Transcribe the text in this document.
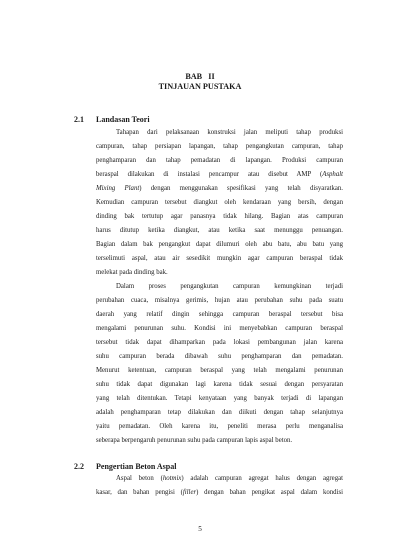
BAB   II
TINJAUAN PUSTAKA
2.1 Landasan Teori
Tahapan dari pelaksanaan konstruksi jalan meliputi tahap produksi
campuran, tahap persiapan lapangan, tahap pengangkutan campuran, tahap
penghamparan dan tahap pemadatan di lapangan. Produksi campuran
beraspal dilakukan di instalasi pencampur atau disebut AMP (Asphalt
Mixing Plant) dengan menggunakan spesifikasi yang telah disyaratkan.
Kemudian campuran tersebut diangkut oleh kendaraan yang bersih, dengan
dinding bak tertutup agar panasnya tidak hilang. Bagian atas campuran
harus ditutup ketika diangkut, atau ketika saat menunggu penuangan.
Bagian dalam bak pengangkut dapat dilumuri oleh abu batu, abu batu yang
terselimuti aspal, atau air sesedikit mungkin agar campuran beraspal tidak
melekat pada dinding bak.
Dalam proses pengangkutan campuran kemungkinan terjadi
perubahan cuaca, misalnya gerimis, hujan atau perubahan suhu pada suatu
daerah yang relatif dingin sehingga campuran beraspal tersebut bisa
mengalami penurunan suhu. Kondisi ini menyebabkan campuran beraspal
tersebut tidak dapat dihamparkan pada lokasi pembangunan jalan karena
suhu campuran berada dibawah suhu penghamparan dan pemadatan.
Menurut ketentuan, campuran beraspal yang telah mengalami penurunan
suhu tidak dapat digunakan lagi karena tidak sesuai dengan persyaratan
yang telah ditentukan. Tetapi kenyataan yang banyak terjadi di lapangan
adalah penghamparan tetap dilakukan dan diikuti dengan tahap selanjutnya
yaitu pemadatan. Oleh karena itu, peneliti merasa perlu menganalisa
seberapa berpengaruh penurunan suhu pada campuran lapis aspal beton.
2.2 Pengertian Beton Aspal
Aspal beton (hotmix) adalah campuran agregat halus dengan agregat
kasar, dan bahan pengisi (filler) dengan bahan pengikat aspal dalam kondisi
5
